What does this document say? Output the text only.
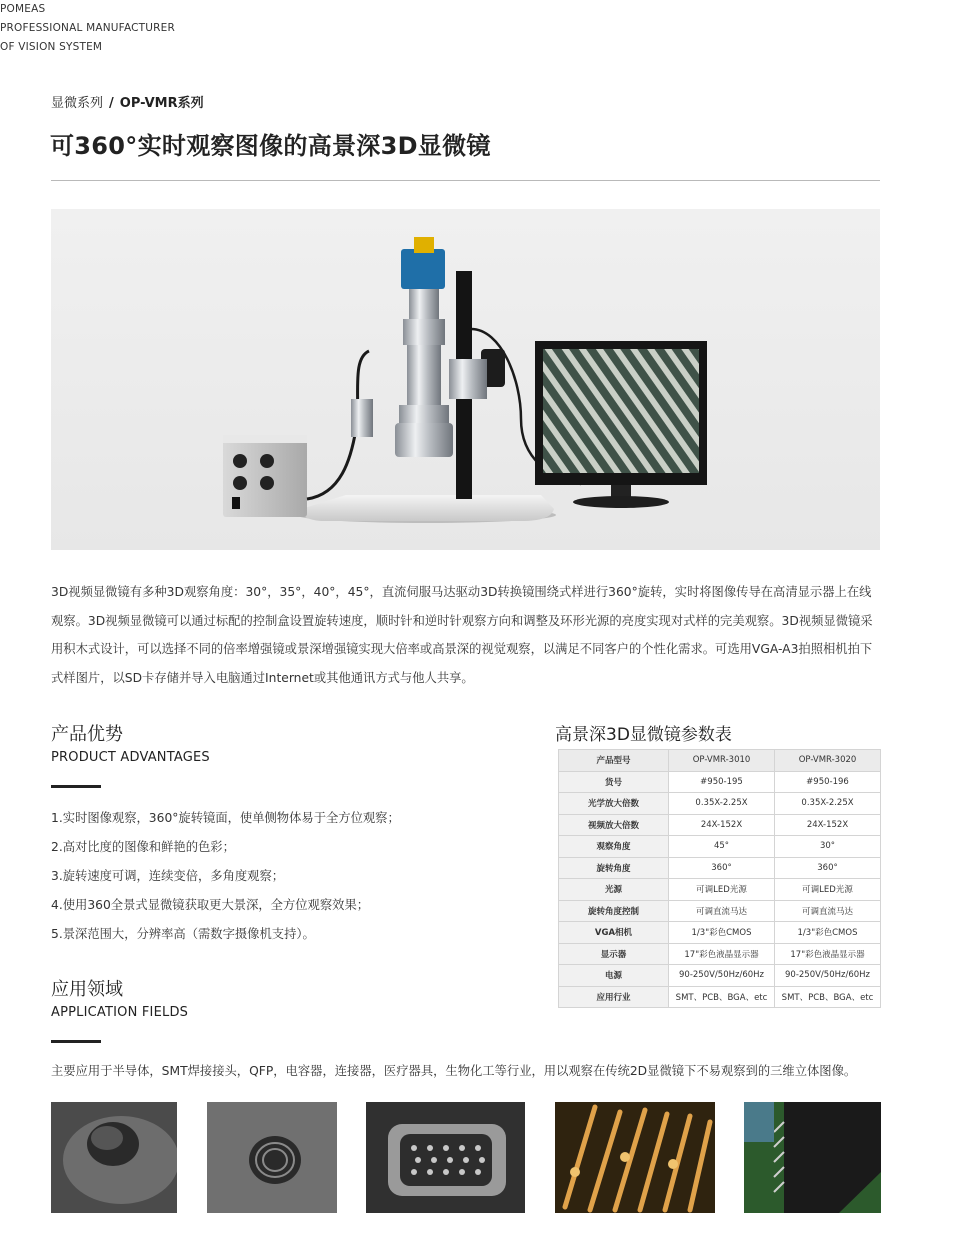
POMEAS
PROFESSIONAL MANUFACTURER
OF VISION SYSTEM
显微系列 / OP-VMR系列
可360°实时观察图像的高景深3D显微镜

3D视频显微镜有多种3D观察角度：30°，35°，40°，45°，直流伺服马达驱动3D转换镜围绕式样进行360°旋转，实时将图像传导在高清显示器上在线观察。3D视频显微镜可以通过标配的控制盒设置旋转速度，顺时针和逆时针观察方向和调整及环形光源的亮度实现对式样的完美观察。3D视频显微镜采用积木式设计，可以选择不同的倍率增强镜或景深增强镜实现大倍率或高景深的视觉观察，以满足不同客户的个性化需求。可选用VGA-A3拍照相机拍下式样图片，以SD卡存储并导入电脑通过Internet或其他通讯方式与他人共享。

产品优势
PRODUCT ADVANTAGES
1.实时图像观察，360°旋转镜面，使单侧物体易于全方位观察；
2.高对比度的图像和鲜艳的色彩；
3.旋转速度可调，连续变倍，多角度观察；
4.使用360全景式显微镜获取更大景深，全方位观察效果；
5.景深范围大，分辨率高（需数字摄像机支持）。
应用领域
APPLICATION FIELDS

主要应用于半导体，SMT焊接接头，QFP，电容器，连接器，医疗器具，生物化工等行业，用以观察在传统2D显微镜下不易观察到的三维立体图像。

高景深3D显微镜参数表
产品型号	OP-VMR-3010	OP-VMR-3020
货号	#950-195	#950-196
光学放大倍数	0.35X-2.25X	0.35X-2.25X
视频放大倍数	24X-152X	24X-152X
观察角度	45°	30°
旋转角度	360°	360°
光源	可调LED光源	可调LED光源
旋转角度控制	可调直流马达	可调直流马达
VGA相机	1/3"彩色CMOS	1/3"彩色CMOS
显示器	17"彩色液晶显示器	17"彩色液晶显示器
电源	90-250V/50Hz/60Hz	90-250V/50Hz/60Hz
应用行业	SMT、PCB、BGA、etc	SMT、PCB、BGA、etc
